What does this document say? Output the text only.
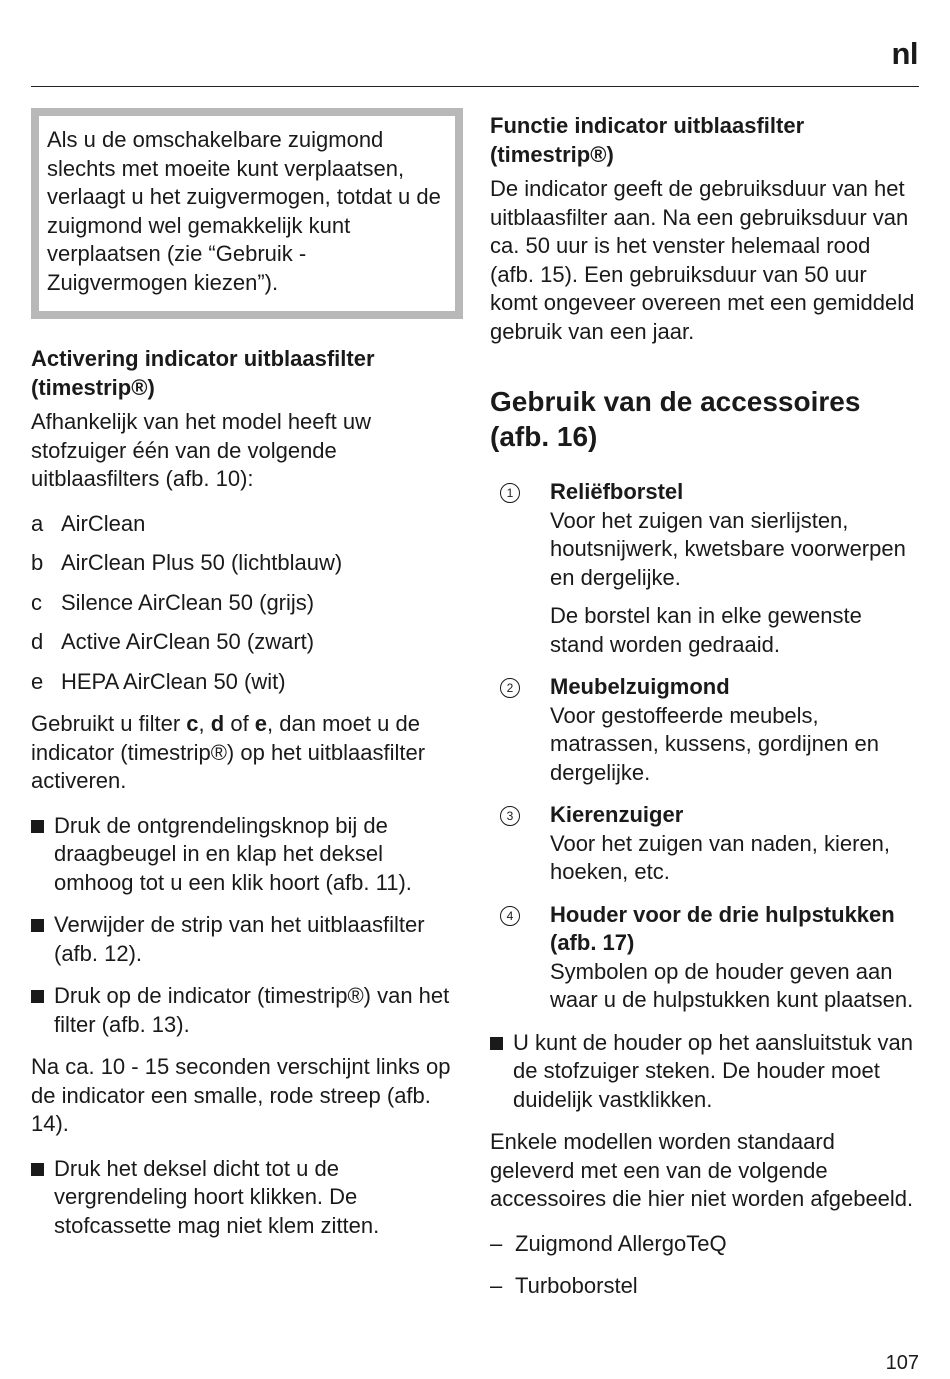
nl

Als u de omschakelbare zuigmond slechts met moeite kunt verplaatsen, verlaagt u het zuigvermogen, totdat u de zuigmond wel gemakkelijk kunt verplaatsen (zie “Gebruik - Zuigvermogen kiezen”).

Activering indicator uitblaasfilter (timestrip®)

Afhankelijk van het model heeft uw stofzuiger één van de volgende uitblaasfilters (afb. 10):

a AirClean
b AirClean Plus 50 (lichtblauw)
c Silence AirClean 50 (grijs)
d Active AirClean 50 (zwart)
e HEPA AirClean 50 (wit)

Gebruikt u filter c, d of e, dan moet u de indicator (timestrip®) op het uitblaasfilter activeren.

Druk de ontgrendelingsknop bij de draagbeugel in en klap het deksel omhoog tot u een klik hoort (afb. 11).
Verwijder de strip van het uitblaasfilter (afb. 12).
Druk op de indicator (timestrip®) van het filter (afb. 13).

Na ca. 10 - 15 seconden verschijnt links op de indicator een smalle, rode streep (afb. 14).

Druk het deksel dicht tot u de vergrendeling hoort klikken. De stofcassette mag niet klem zitten.
Functie indicator uitblaasfilter (timestrip®)

De indicator geeft de gebruiksduur van het uitblaasfilter aan. Na een gebruiksduur van ca. 50 uur is het venster helemaal rood (afb. 15). Een gebruiksduur van 50 uur komt ongeveer overeen met een gemiddeld gebruik van een jaar.

Gebruik van de accessoires (afb. 16)
1	Reliëfborstel
Voor het zuigen van sierlijsten, houtsnijwerk, kwetsbare voorwerpen en dergelijke.

De borstel kan in elke gewenste stand worden gedraaid.

2	Meubelzuigmond
Voor gestoffeerde meubels, matrassen, kussens, gordijnen en dergelijke.
3	Kierenzuiger
Voor het zuigen van naden, kieren, hoeken, etc.
4	Houder voor de drie hulpstukken (afb. 17)
Symbolen op de houder geven aan waar u de hulpstukken kunt plaatsen.
U kunt de houder op het aansluitstuk van de stofzuiger steken. De houder moet duidelijk vastklikken.

Enkele modellen worden standaard geleverd met een van de volgende accessoires die hier niet worden afgebeeld.

– Zuigmond AllergoTeQ
– Turboborstel
107
